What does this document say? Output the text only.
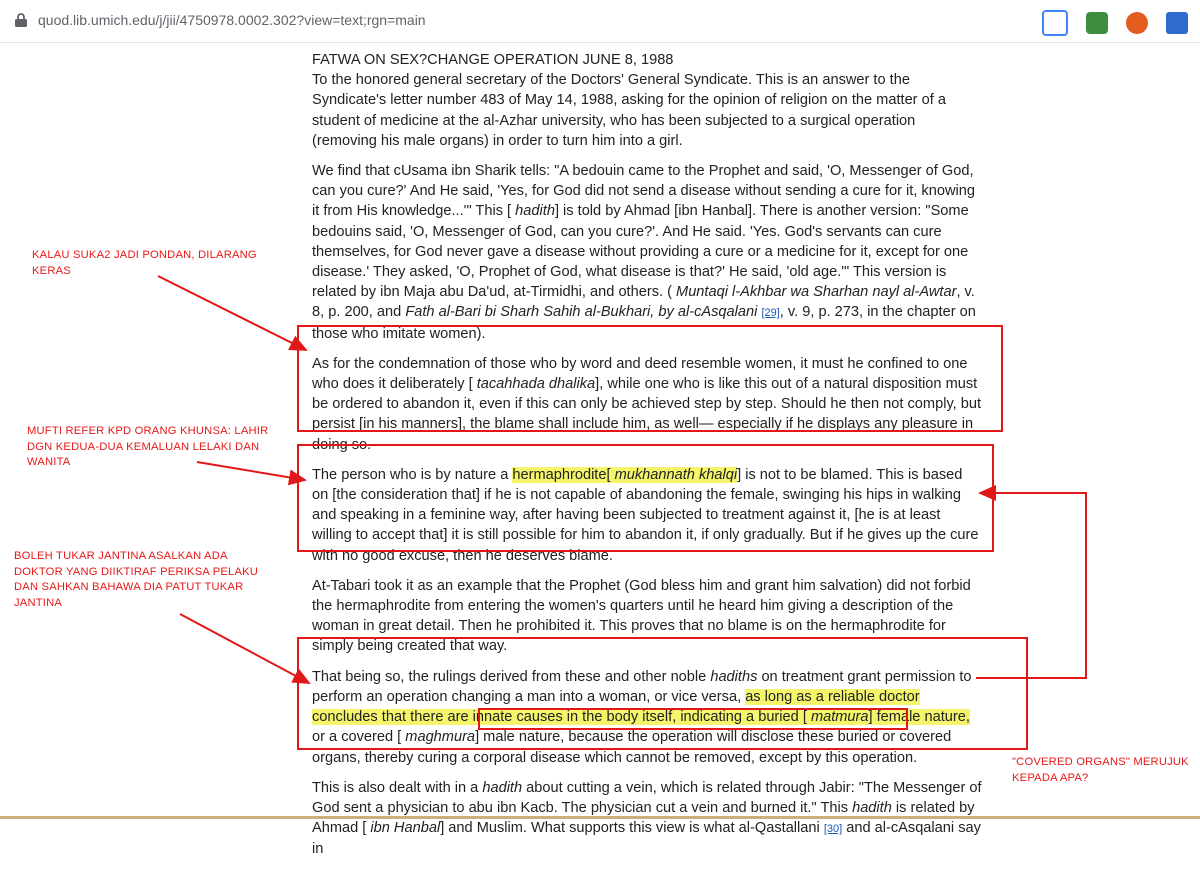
quod.lib.umich.edu/j/jii/4750978.0002.302?view=text;rgn=main

FATWA ON SEX?CHANGE OPERATION JUNE 8, 1988

To the honored general secretary of the Doctors' General Syndicate. This is an answer to the Syndicate's letter number 483 of May 14, 1988, asking for the opinion of religion on the matter of a student of medicine at the al-Azhar university, who has been subjected to a surgical operation (removing his male organs) in order to turn him into a girl.

We find that cUsama ibn Sharik tells: "A bedouin came to the Prophet and said, 'O, Messenger of God, can you cure?' And He said, 'Yes, for God did not send a disease without sending a cure for it, knowing it from His knowledge...'" This [ hadith] is told by Ahmad [ibn Hanbal]. There is another version: "Some bedouins said, 'O, Messenger of God, can you cure?'. And He said. 'Yes. God's servants can cure themselves, for God never gave a disease without providing a cure or a medicine for it, except for one disease.' They asked, 'O, Prophet of God, what disease is that?' He said, 'old age.'" This version is related by ibn Maja abu Da'ud, at-Tirmidhi, and others. ( Muntaqi l-Akhbar wa Sharhan nayl al-Awtar, v. 8, p. 200, and Fath al-Bari bi Sharh Sahih al-Bukhari, by al-cAsqalani [29], v. 9, p. 273, in the chapter on those who imitate women).

As for the condemnation of those who by word and deed resemble women, it must he confined to one who does it deliberately [ tacahhada dhalika], while one who is like this out of a natural disposition must be ordered to abandon it, even if this can only be achieved step by step. Should he then not comply, but persist [in his manners], the blame shall include him, as well— especially if he displays any pleasure in doing so.

The person who is by nature a hermaphrodite[ mukhannath khalqi] is not to be blamed. This is based on [the consideration that] if he is not capable of abandoning the female, swinging his hips in walking and speaking in a feminine way, after having been subjected to treatment against it, [he is at least willing to accept that] it is still possible for him to abandon it, if only gradually. But if he gives up the cure with no good excuse, then he deserves blame.

At-Tabari took it as an example that the Prophet (God bless him and grant him salvation) did not forbid the hermaphrodite from entering the women's quarters until he heard him giving a description of the woman in great detail. Then he prohibited it. This proves that no blame is on the hermaphrodite for simply being created that way.

That being so, the rulings derived from these and other noble hadiths on treatment grant permission to perform an operation changing a man into a woman, or vice versa, as long as a reliable doctor concludes that there are innate causes in the body itself, indicating a buried [ matmura] female nature, or a covered [ maghmura] male nature, because the operation will disclose these buried or covered organs, thereby curing a corporal disease which cannot be removed, except by this operation.

This is also dealt with in a hadith about cutting a vein, which is related through Jabir: "The Messenger of God sent a physician to abu ibn Kacb. The physician cut a vein and burned it." This hadith is related by Ahmad [ ibn Hanbal] and Muslim. What supports this view is what al-Qastallani [30] and al-cAsqalani say in

KALAU SUKA2 JADI PONDAN, DILARANG KERAS
MUFTI REFER KPD ORANG KHUNSA: LAHIR DGN KEDUA-DUA KEMALUAN LELAKI DAN WANITA
BOLEH TUKAR JANTINA ASALKAN ADA DOKTOR YANG DIIKTIRAF PERIKSA PELAKU DAN SAHKAN BAHAWA DIA PATUT TUKAR JANTINA
"COVERED ORGANS" MERUJUK KEPADA APA?
